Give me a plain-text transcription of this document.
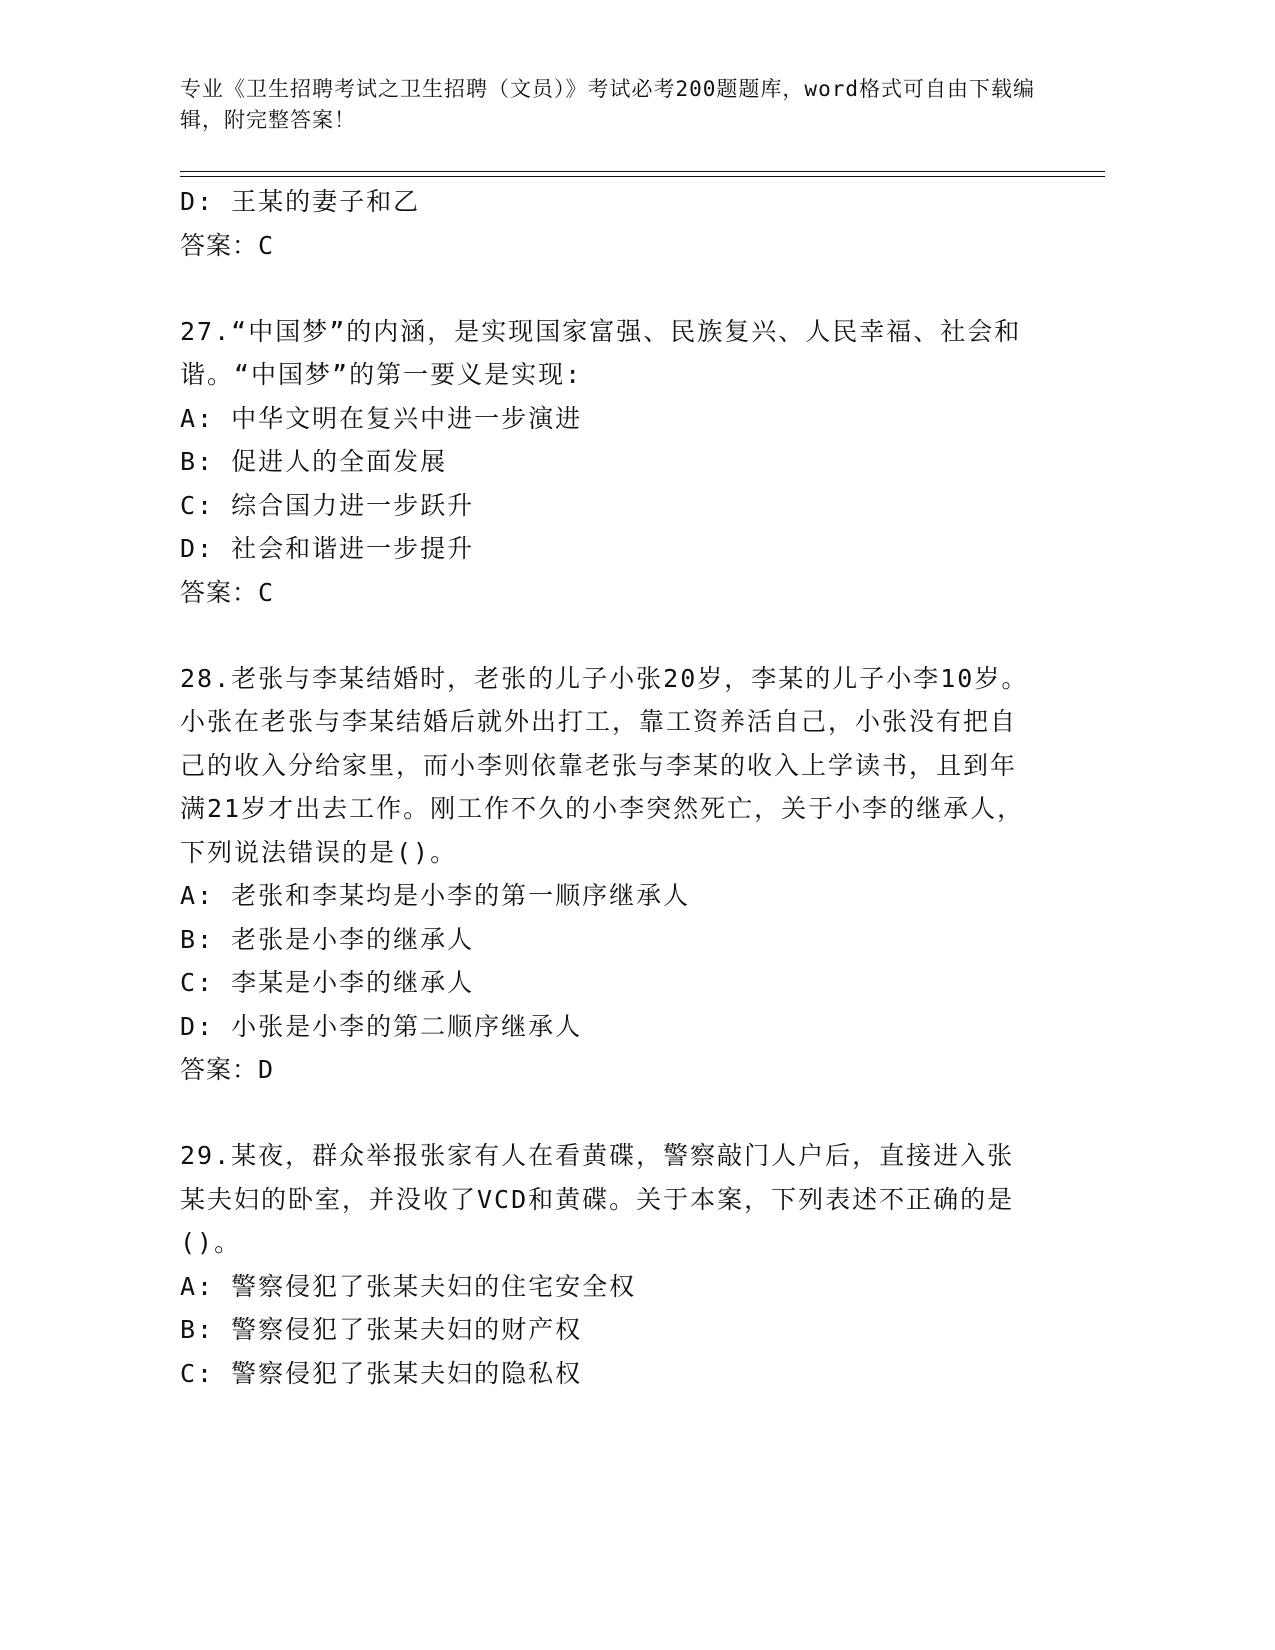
专业《卫生招聘考试之卫生招聘（文员）》考试必考200题题库，word格式可自由下载编辑，附完整答案！
D: 王某的妻子和乙
答案：C
27.“中国梦”的内涵，是实现国家富强、民族复兴、人民幸福、社会和谐。“中国梦”的第一要义是实现:
A: 中华文明在复兴中进一步演进
B: 促进人的全面发展
C: 综合国力进一步跃升
D: 社会和谐进一步提升
答案：C
28.老张与李某结婚时，老张的儿子小张20岁，李某的儿子小李10岁。小张在老张与李某结婚后就外出打工，靠工资养活自己，小张没有把自己的收入分给家里，而小李则依靠老张与李某的收入上学读书，且到年满21岁才出去工作。刚工作不久的小李突然死亡，关于小李的继承人，下列说法错误的是()。
A: 老张和李某均是小李的第一顺序继承人
B: 老张是小李的继承人
C: 李某是小李的继承人
D: 小张是小李的第二顺序继承人
答案：D
29.某夜，群众举报张家有人在看黄碟，警察敲门人户后，直接进入张某夫妇的卧室，并没收了VCD和黄碟。关于本案，下列表述不正确的是()。
A: 警察侵犯了张某夫妇的住宅安全权
B: 警察侵犯了张某夫妇的财产权
C: 警察侵犯了张某夫妇的隐私权
